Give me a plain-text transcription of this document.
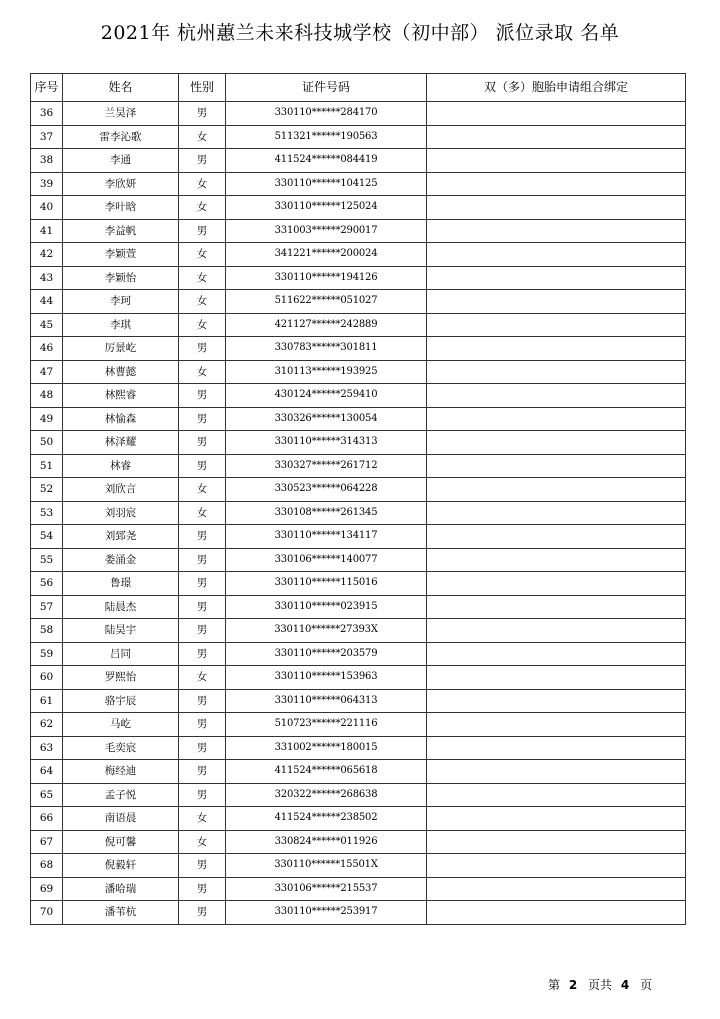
2021年 杭州蕙兰未来科技城学校（初中部） 派位录取 名单
序号	姓名	性别	证件号码	双（多）胞胎申请组合绑定
36	兰昊泽	男	330110******284170	
37	雷李沁歌	女	511321******190563	
38	李通	男	411524******084419	
39	李欣妍	女	330110******104125	
40	李叶晗	女	330110******125024	
41	李益帆	男	331003******290017	
42	李颖萱	女	341221******200024	
43	李颖怡	女	330110******194126	
44	李珂	女	511622******051027	
45	李琪	女	421127******242889	
46	厉景屹	男	330783******301811	
47	林曹懿	女	310113******193925	
48	林熙睿	男	430124******259410	
49	林愉森	男	330326******130054	
50	林泽耀	男	330110******314313	
51	林睿	男	330327******261712	
52	刘欣言	女	330523******064228	
53	刘羽宸	女	330108******261345	
54	刘郅尧	男	330110******134117	
55	娄涌金	男	330106******140077	
56	鲁璟	男	330110******115016	
57	陆晨杰	男	330110******023915	
58	陆昊宇	男	330110******27393X	
59	吕同	男	330110******203579	
60	罗熙怡	女	330110******153963	
61	骆宇辰	男	330110******064313	
62	马屹	男	510723******221116	
63	毛奕宸	男	331002******180015	
64	梅经迪	男	411524******065618	
65	孟子悦	男	320322******268638	
66	南语晨	女	411524******238502	
67	倪可馨	女	330824******011926	
68	倪毅轩	男	330110******15501X	
69	潘哈瑞	男	330106******215537	
70	潘苇杭	男	330110******253917	
第 2 页共 4 页
